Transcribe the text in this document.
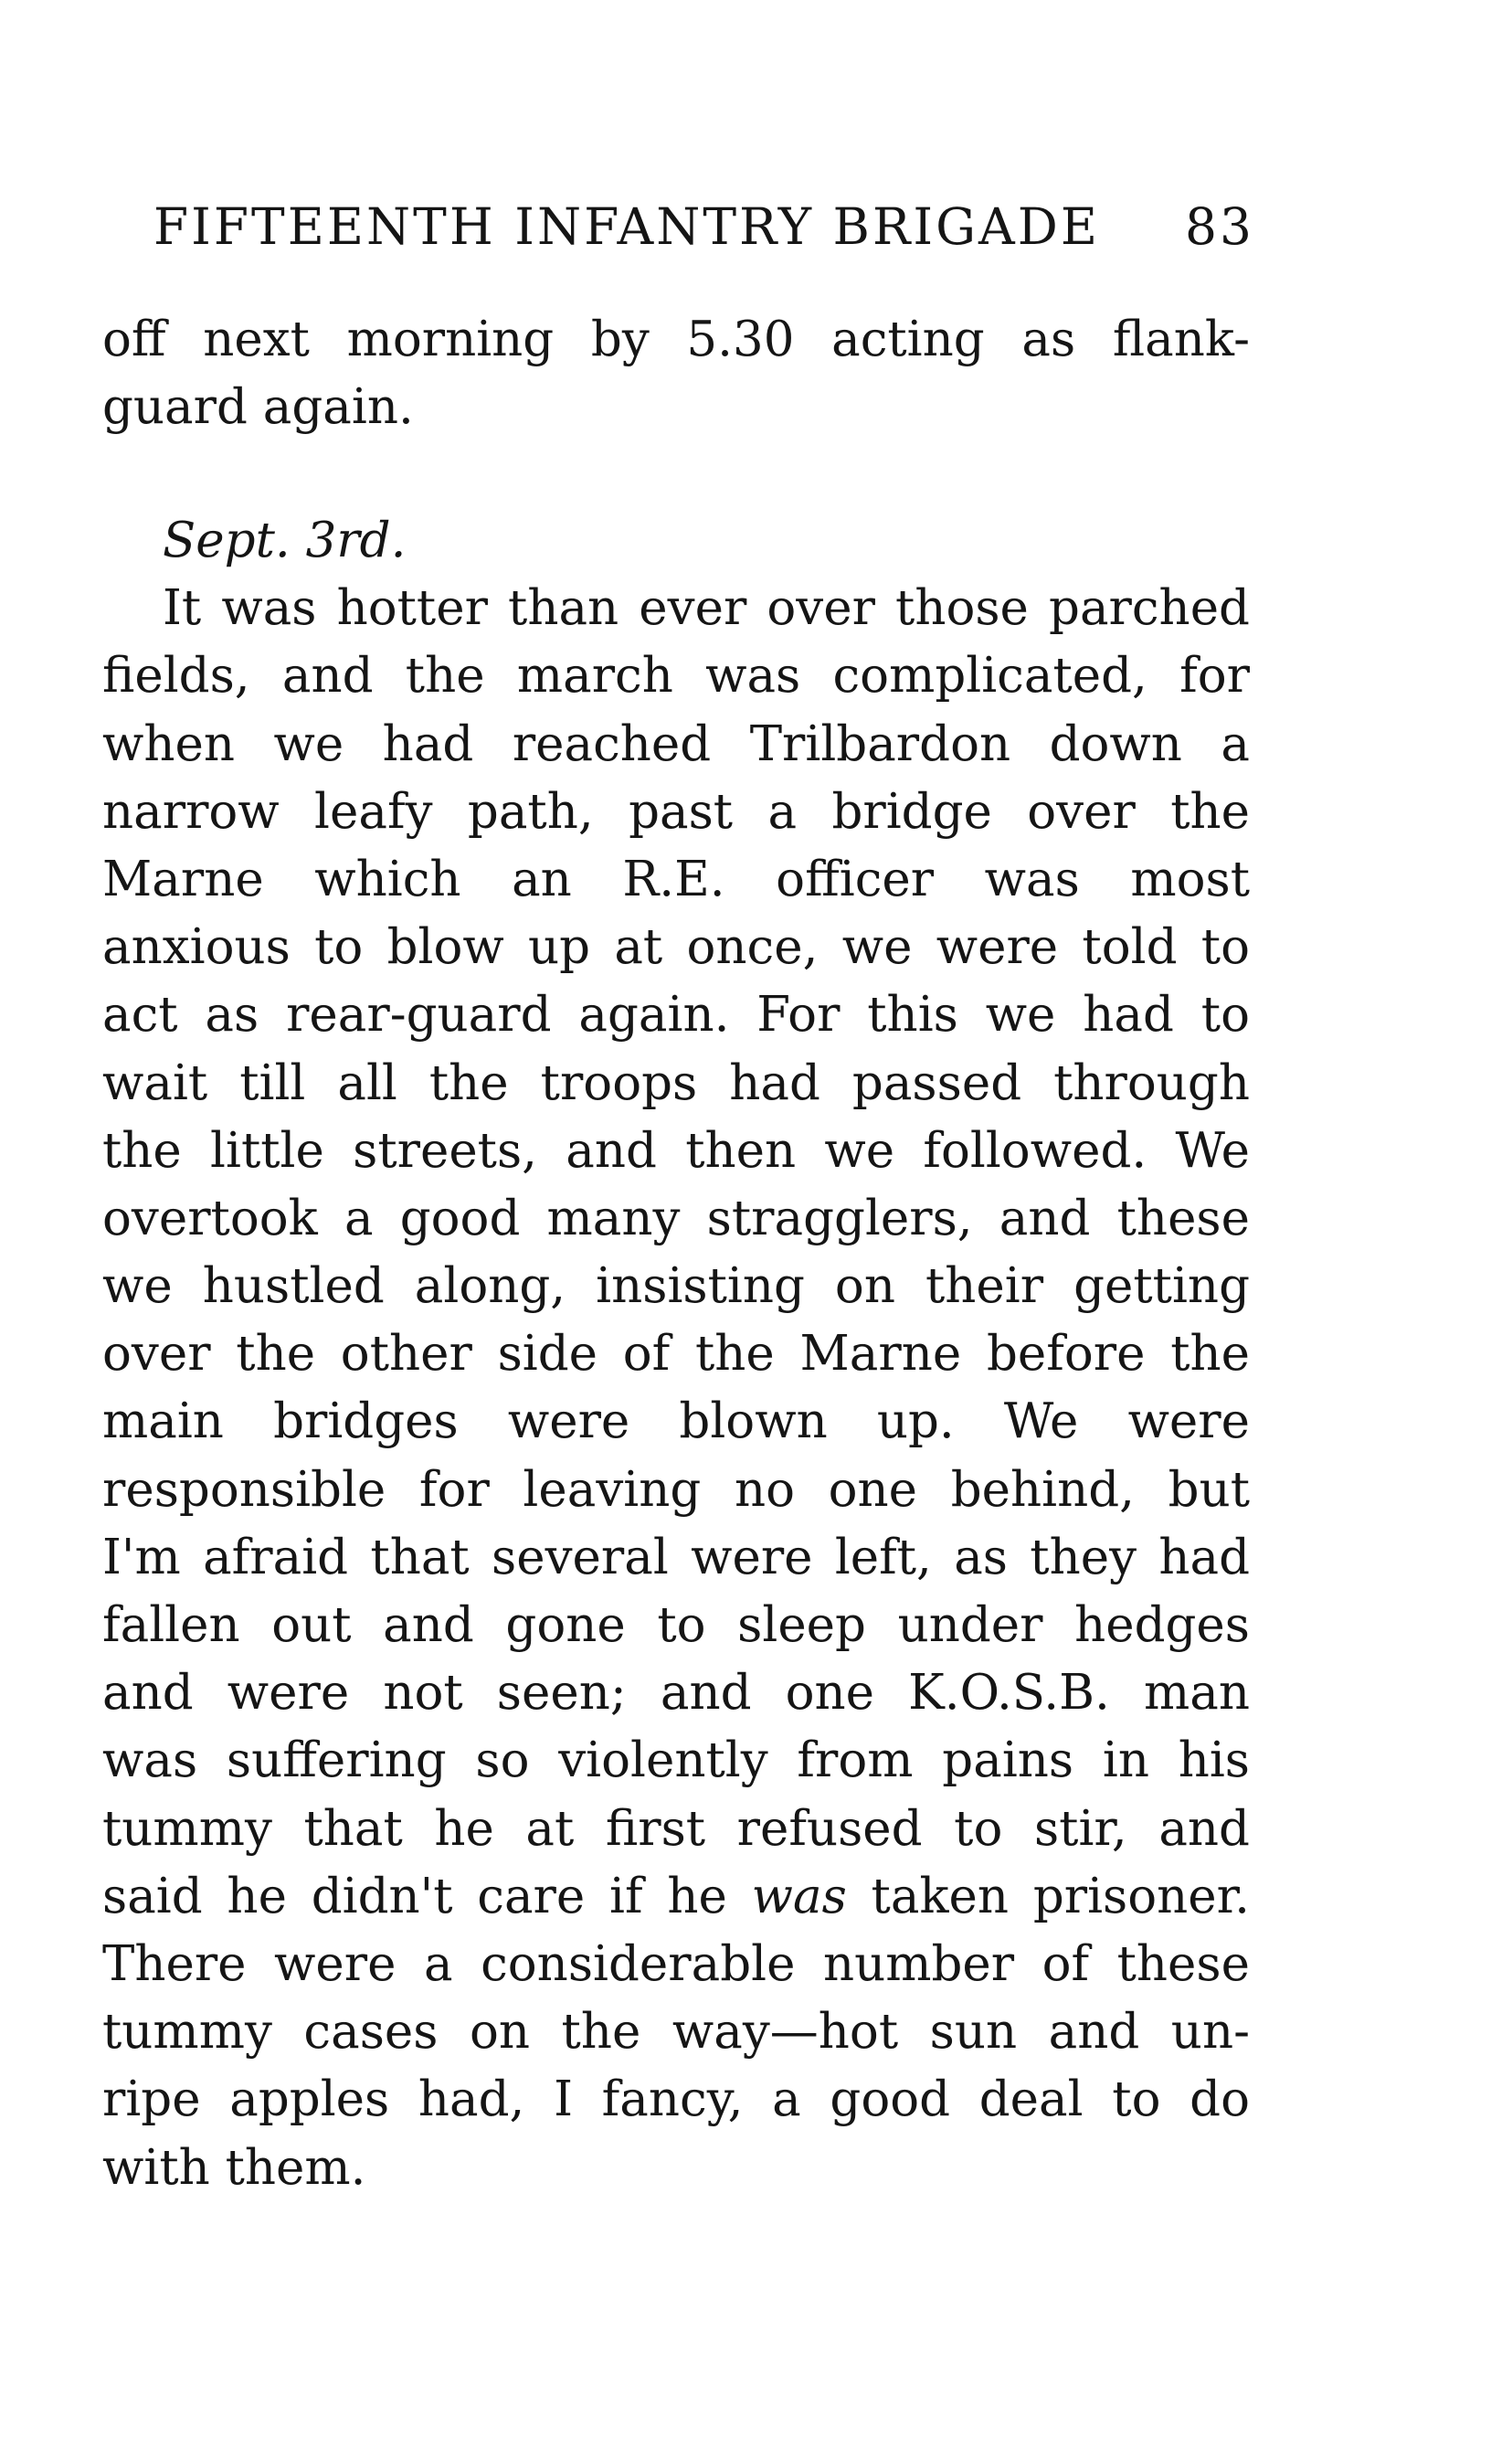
FIFTEENTH INFANTRY BRIGADE 83
off next morning by 5.30 acting as flank-
guard again.
Sept. 3rd.
It was hotter than ever over those parched
fields, and the march was complicated, for
when we had reached Trilbardon down a
narrow leafy path, past a bridge over the
Marne which an R.E. officer was most
anxious to blow up at once, we were told to
act as rear-guard again. For this we had to
wait till all the troops had passed through
the little streets, and then we followed. We
overtook a good many stragglers, and these
we hustled along, insisting on their getting
over the other side of the Marne before the
main bridges were blown up. We were
responsible for leaving no one behind, but
I'm afraid that several were left, as they had
fallen out and gone to sleep under hedges
and were not seen; and one K.O.S.B. man
was suffering so violently from pains in his
tummy that he at first refused to stir, and
said he didn't care if he was taken prisoner.
There were a considerable number of these
tummy cases on the way—hot sun and un-
ripe apples had, I fancy, a good deal to do
with them.
